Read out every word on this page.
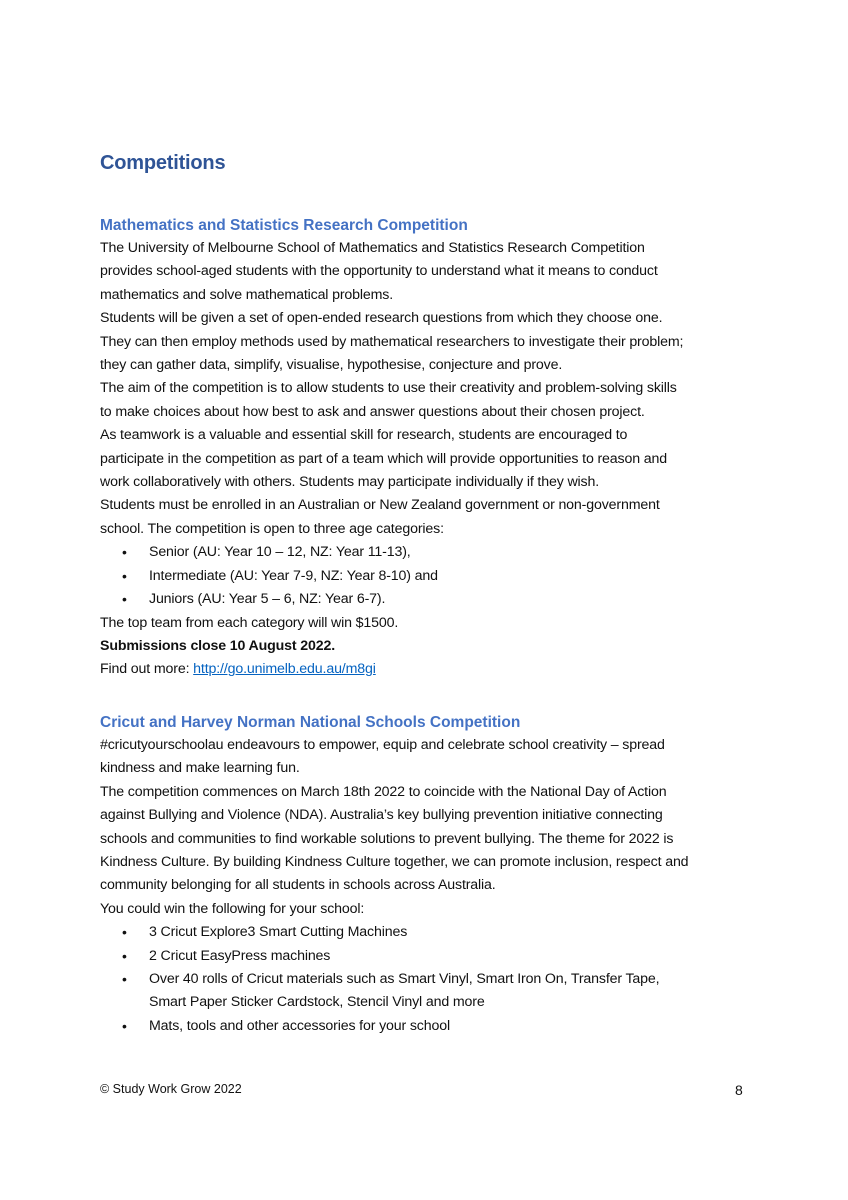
Competitions
Mathematics and Statistics Research Competition

The University of Melbourne School of Mathematics and Statistics Research Competition

provides school-aged students with the opportunity to understand what it means to conduct

mathematics and solve mathematical problems.

Students will be given a set of open-ended research questions from which they choose one.

They can then employ methods used by mathematical researchers to investigate their problem;

they can gather data, simplify, visualise, hypothesise, conjecture and prove.

The aim of the competition is to allow students to use their creativity and problem-solving skills

to make choices about how best to ask and answer questions about their chosen project.

As teamwork is a valuable and essential skill for research, students are encouraged to

participate in the competition as part of a team which will provide opportunities to reason and

work collaboratively with others. Students may participate individually if they wish.

Students must be enrolled in an Australian or New Zealand government or non-government

school. The competition is open to three age categories:

• Senior (AU: Year 10 – 12, NZ: Year 11-13),
• Intermediate (AU: Year 7-9, NZ: Year 8-10) and
• Juniors (AU: Year 5 – 6, NZ: Year 6-7).

The top team from each category will win $1500.

Submissions close 10 August 2022.

Find out more: http://go.unimelb.edu.au/m8gi

Cricut and Harvey Norman National Schools Competition

#cricutyourschoolau endeavours to empower, equip and celebrate school creativity – spread

kindness and make learning fun.

The competition commences on March 18th 2022 to coincide with the National Day of Action

against Bullying and Violence (NDA). Australia’s key bullying prevention initiative connecting

schools and communities to find workable solutions to prevent bullying. The theme for 2022 is

Kindness Culture. By building Kindness Culture together, we can promote inclusion, respect and

community belonging for all students in schools across Australia.

You could win the following for your school:

• 3 Cricut Explore3 Smart Cutting Machines
• 2 Cricut EasyPress machines
• Over 40 rolls of Cricut materials such as Smart Vinyl, Smart Iron On, Transfer Tape,
Smart Paper Sticker Cardstock, Stencil Vinyl and more
• Mats, tools and other accessories for your school
© Study Work Grow 2022	8
